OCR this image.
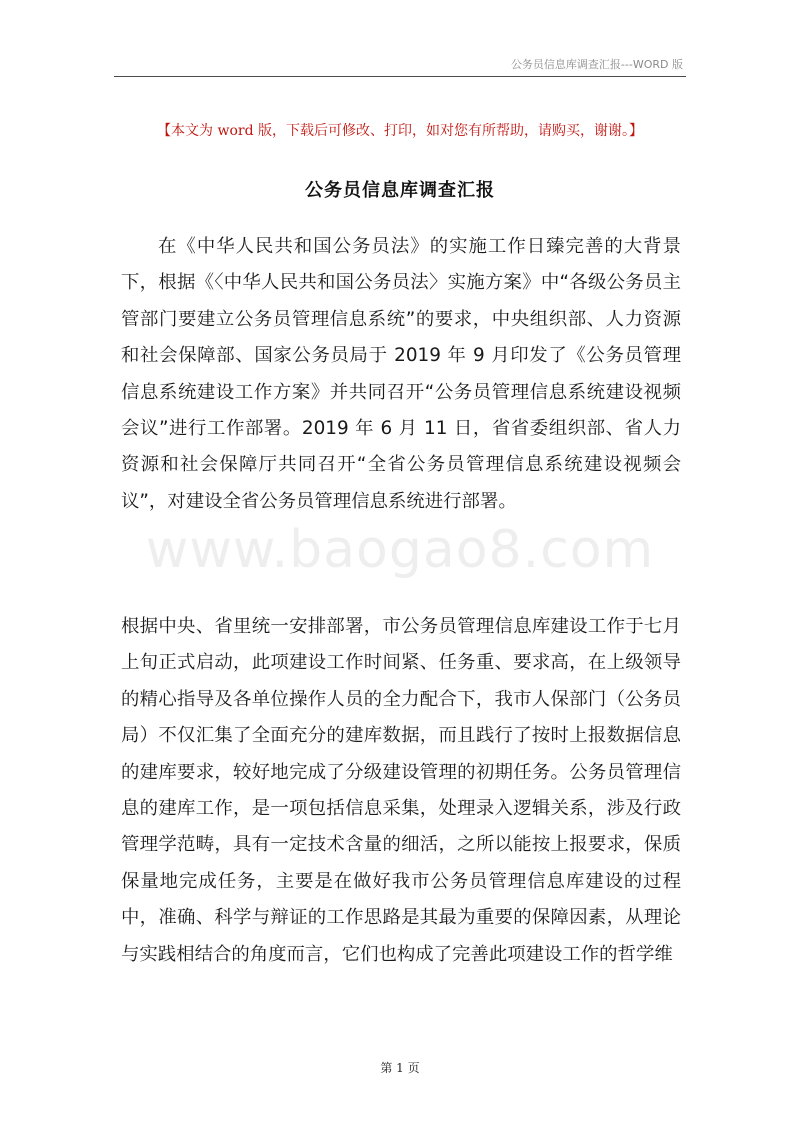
公务员信息库调查汇报---WORD 版
【本文为 word 版，下载后可修改、打印，如对您有所帮助，请购买，谢谢。】
公务员信息库调查汇报

在《中华人民共和国公务员法》的实施工作日臻完善的大背景下，根据《〈中华人民共和国公务员法〉实施方案》中“各级公务员主管部门要建立公务员管理信息系统”的要求，中央组织部、人力资源和社会保障部、国家公务员局于 2019 年 9 月印发了《公务员管理信息系统建设工作方案》并共同召开“公务员管理信息系统建设视频会议”进行工作部署。2019 年 6 月 11 日，省省委组织部、省人力资源和社会保障厅共同召开“全省公务员管理信息系统建设视频会议”，对建设全省公务员管理信息系统进行部署。

www.baogao8.com

根据中央、省里统一安排部署，市公务员管理信息库建设工作于七月上旬正式启动，此项建设工作时间紧、任务重、要求高，在上级领导的精心指导及各单位操作人员的全力配合下，我市人保部门（公务员局）不仅汇集了全面充分的建库数据，而且践行了按时上报数据信息的建库要求，较好地完成了分级建设管理的初期任务。公务员管理信息的建库工作，是一项包括信息采集，处理录入逻辑关系，涉及行政管理学范畴，具有一定技术含量的细活，之所以能按上报要求，保质保量地完成任务，主要是在做好我市公务员管理信息库建设的过程中，准确、科学与辩证的工作思路是其最为重要的保障因素，从理论与实践相结合的角度而言，它们也构成了完善此项建设工作的哲学维

第 1 页
